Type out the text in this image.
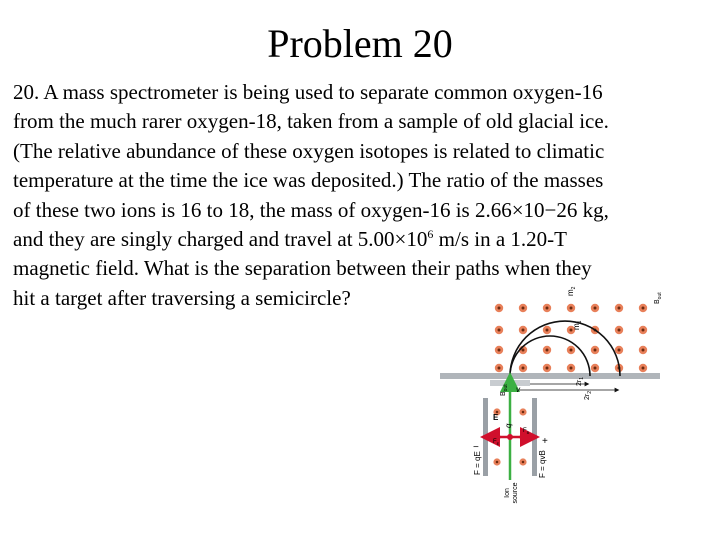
Problem 20
20. A mass spectrometer is being used to separate common oxygen-16
from the much rarer oxygen-18, taken from a sample of old glacial ice.
(The relative abundance of these oxygen isotopes is related to climatic
temperature at the time the ice was deposited.) The ratio of the masses
of these two ions is 16 to 18, the mass of oxygen-16 is 2.66×10−26 kg,
and they are singly charged and travel at $5.00\times 10^6$ m/s in a 1.20-T
magnetic field. What is the separation between their paths when they
hit a target after traversing a semicircle?	$m_2$
$m_1$
$B_{out}$
$B_{out}$ v
$2r_1$
$2r_2$
q
E
$F_E$
$F_B$
F = qE	F = qvB
−
+
Ion source
